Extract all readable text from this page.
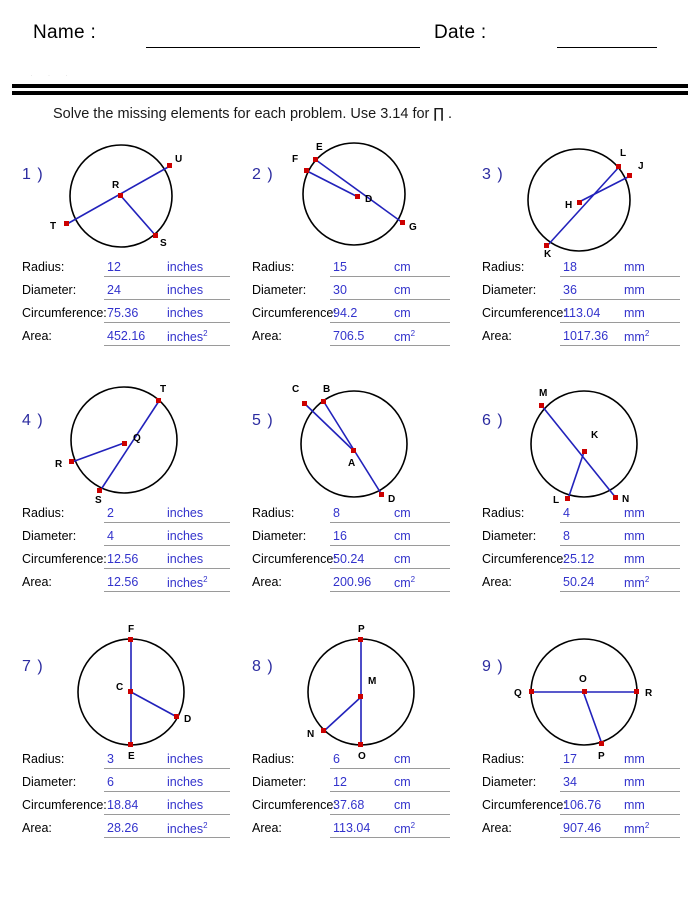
Name :	Date :
· · ·
Solve the missing elements for each problem. Use 3.14 for ∏ .
1 )
U
T
S
R
Radius:	12	inches
Diameter: 24	inches
Circumference: 75.36 inches
Area:	452.16 inches$^2$
2 )
E
F
G
D
Radius:	15	cm
Diameter: 30	cm
Circumference:
94.2	cm
Area:	706.5 $cm^2$
3 )
L
J
K
H
Radius:	18	mm
Diameter: 36	mm
Circumference:
113.04 mm
Area:	1017.36 $mm^2$
4 )
T
R
S
Q
Radius:	2	inches
Diameter: 4	inches
Circumference: 12.56 inches
Area:	12.56 inches$^2$
5 )
B
C
D
A
Radius:	8	cm
Diameter: 16	cm
Circumference:
50.24 cm
Area:	200.96 $cm^2$
6 )
M
L	N
K
Radius:	4	mm
Diameter: 8	mm
Circumference:
25.12 mm
Area:	50.24 $mm^2$
7 )
F
D
E
C
Radius:	3	inches
Diameter: 6	inches
Circumference: 18.84 inches
Area:	28.26 inches$^2$
8 )
P
N
O
M
Radius:	6	cm
Diameter: 12	cm
Circumference:
37.68 cm
Area:	113.04 $cm^2$
9 )
Q	R
P
O
Radius:	17	mm
Diameter: 34	mm
Circumference:
106.76 mm
Area:	907.46 $mm^2$
